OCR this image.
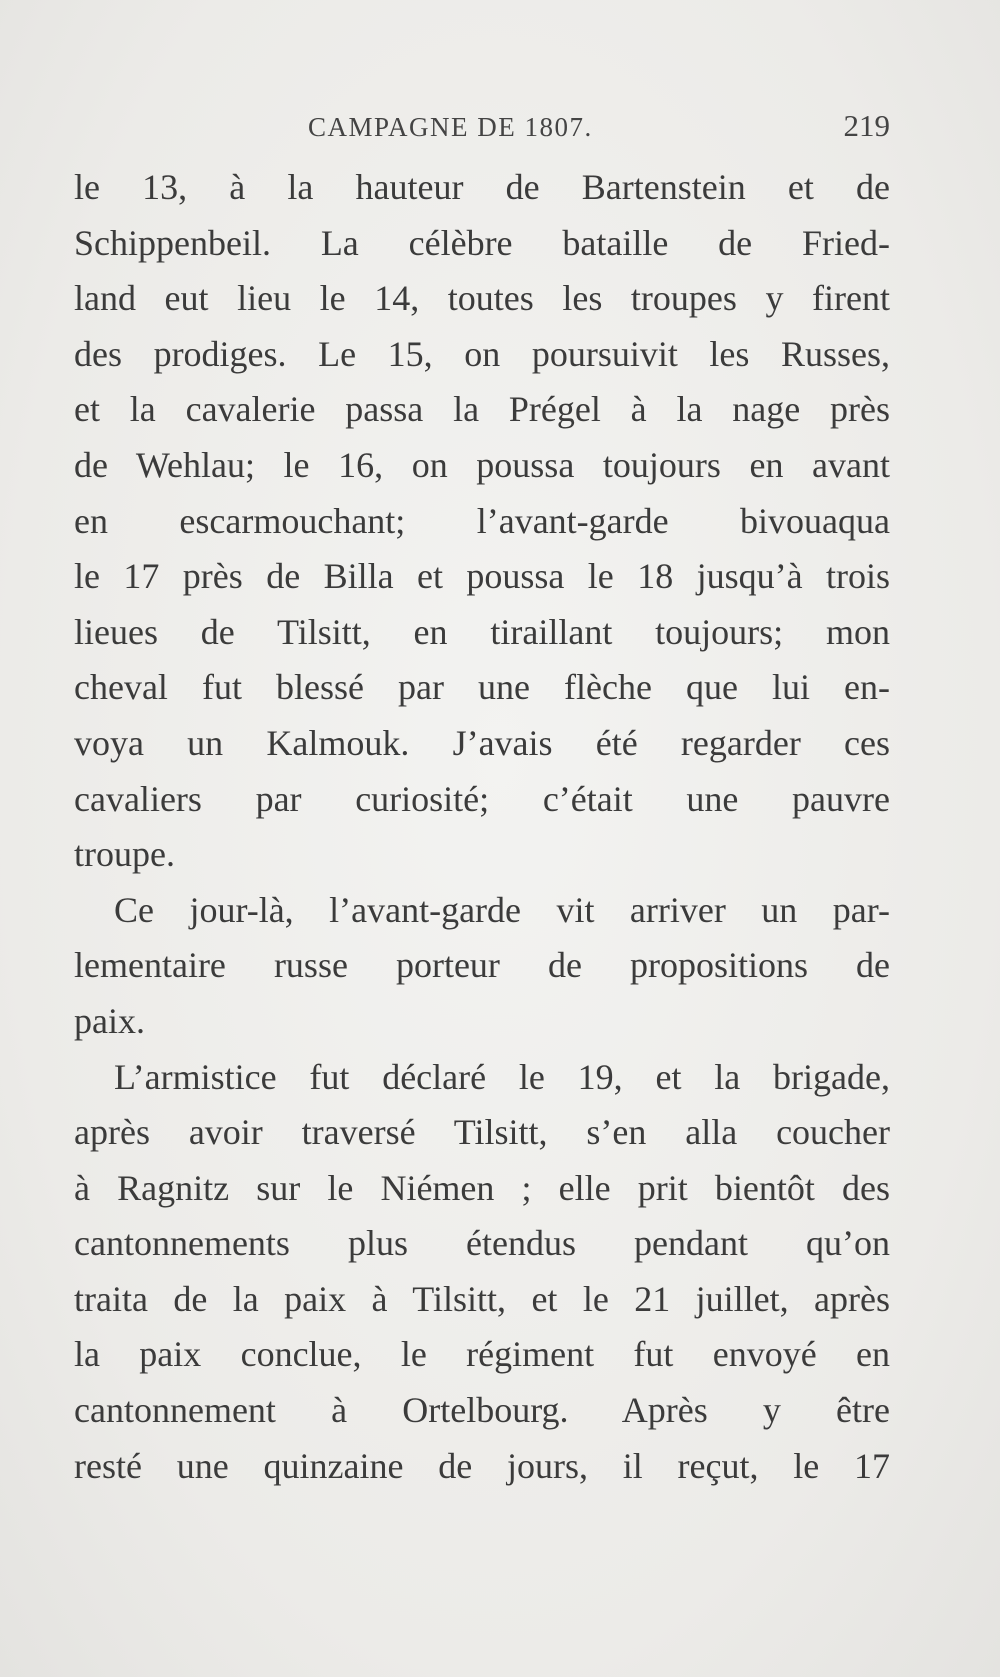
CAMPAGNE DE 1807.	219
le 13, à la hauteur de Bartenstein et de
Schippenbeil. La célèbre bataille de Fried-
land eut lieu le 14, toutes les troupes y firent
des prodiges. Le 15, on poursuivit les Russes,
et la cavalerie passa la Prégel à la nage près
de Wehlau; le 16, on poussa toujours en avant
en escarmouchant; l’avant-garde bivouaqua
le 17 près de Billa et poussa le 18 jusqu’à trois
lieues de Tilsitt, en tiraillant toujours; mon
cheval fut blessé par une flèche que lui en-
voya un Kalmouk. J’avais été regarder ces
cavaliers par curiosité; c’était une pauvre
troupe.
Ce jour-là, l’avant-garde vit arriver un par-
lementaire russe porteur de propositions de
paix.
L’armistice fut déclaré le 19, et la brigade,
après avoir traversé Tilsitt, s’en alla coucher
à Ragnitz sur le Niémen ; elle prit bientôt des
cantonnements plus étendus pendant qu’on
traita de la paix à Tilsitt, et le 21 juillet, après
la paix conclue, le régiment fut envoyé en
cantonnement à Ortelbourg. Après y être
resté une quinzaine de jours, il reçut, le 17
